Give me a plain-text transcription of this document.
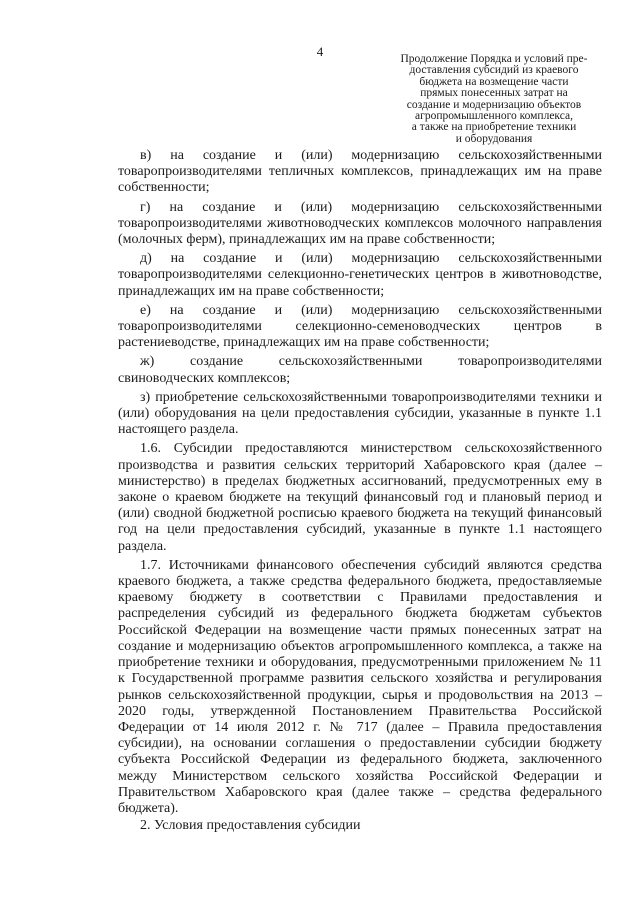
4	Продолжение Порядка и условий пре-
доставления субсидий из краевого
бюджета на возмещение части
прямых понесенных затрат на
создание и модернизацию объектов
агропромышленного комплекса,
а также на приобретение техники
и оборудования

в) на создание и (или) модернизацию сельскохозяйственными товаропроизводителями тепличных комплексов, принадлежащих им на праве собственности;

г) на создание и (или) модернизацию сельскохозяйственными товаропроизводителями животноводческих комплексов молочного направления (молочных ферм), принадлежащих им на праве собственности;

д) на создание и (или) модернизацию сельскохозяйственными товаропроизводителями селекционно-генетических центров в животноводстве, принадлежащих им на праве собственности;

е) на создание и (или) модернизацию сельскохозяйственными товаропроизводителями селекционно-семеноводческих центров в растениеводстве, принадлежащих им на праве собственности;

ж) создание сельскохозяйственными товаропроизводителями свиноводческих комплексов;

з) приобретение сельскохозяйственными товаропроизводителями техники и (или) оборудования на цели предоставления субсидии, указанные в пункте 1.1 настоящего раздела.

1.6. Субсидии предоставляются министерством сельскохозяйственного производства и развития сельских территорий Хабаровского края (далее – министерство) в пределах бюджетных ассигнований, предусмотренных ему в законе о краевом бюджете на текущий финансовый год и плановый период и (или) сводной бюджетной росписью краевого бюджета на текущий финансовый год на цели предоставления субсидий, указанные в пункте 1.1 настоящего раздела.

1.7. Источниками финансового обеспечения субсидий являются средства краевого бюджета, а также средства федерального бюджета, предоставляемые краевому бюджету в соответствии с Правилами предоставления и распределения субсидий из федерального бюджета бюджетам субъектов Российской Федерации на возмещение части прямых понесенных затрат на создание и модернизацию объектов агропромышленного комплекса, а также на приобретение техники и оборудования, предусмотренными приложением № 11 к Государственной программе развития сельского хозяйства и регулирования рынков сельскохозяйственной продукции, сырья и продовольствия на 2013 – 2020 годы, утвержденной Постановлением Правительства Российской Федерации от 14 июля 2012 г. № 717 (далее – Правила предоставления субсидии), на основании соглашения о предоставлении субсидии бюджету субъекта Российской Федерации из федерального бюджета, заключенного между Министерством сельского хозяйства Российской Федерации и Правительством Хабаровского края (далее также – средства федерального бюджета).

2. Условия предоставления субсидии
